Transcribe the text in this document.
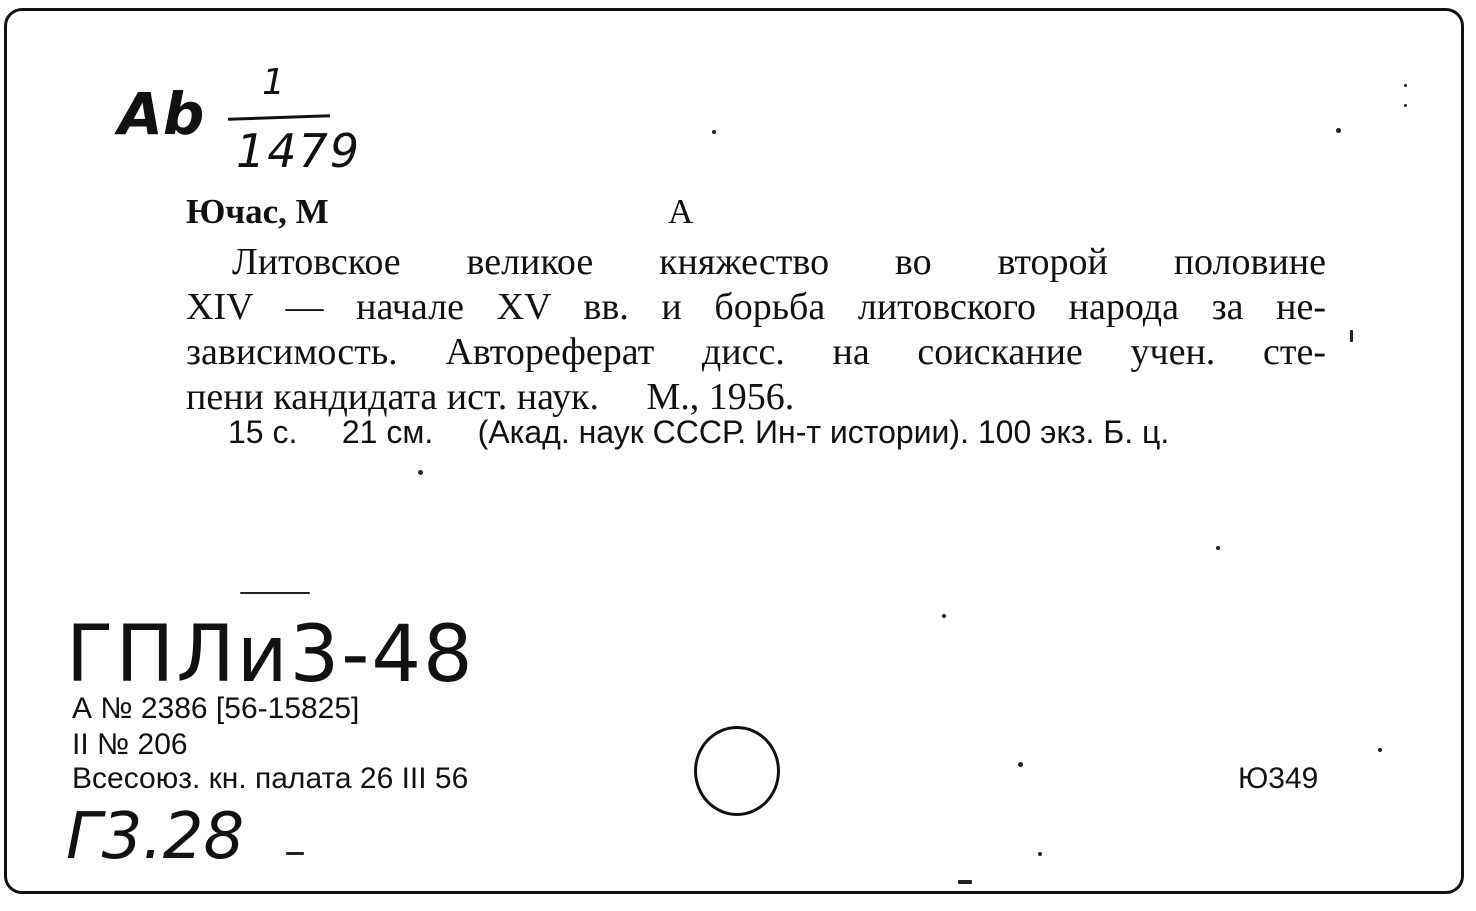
Ab 1
1479
Ючас, М	А
Литовское великое княжество во второй половине
XIV — начале XV вв. и борьба литовского народа за не-
зависимость. Автореферат дисс. на соискание учен. сте-
пени кандидата ист. наук.     М., 1956.
15 с.     21 см.     (Акад. наук СССР. Ин-т истории). 100 экз. Б. ц.
ГПЛи3-48
А № 2386 [56-15825]
II № 206
Всесоюз. кн. палата 26 III 56	Ю349
Г3.28
